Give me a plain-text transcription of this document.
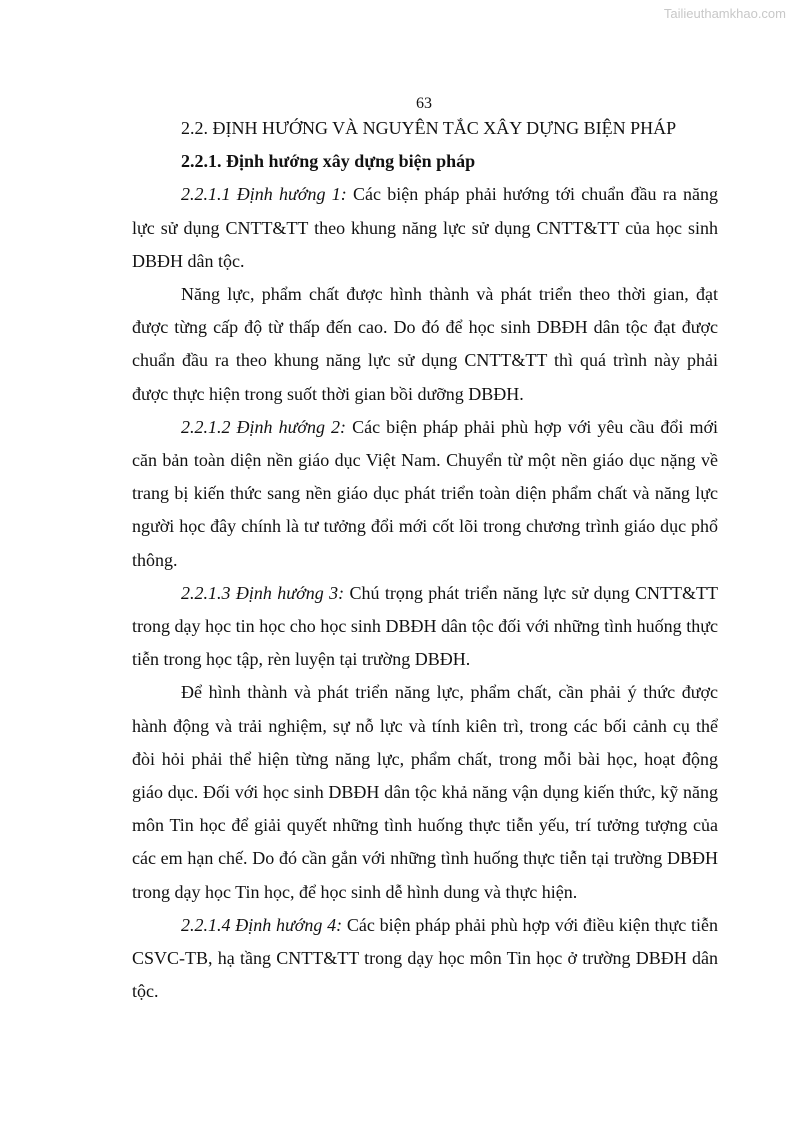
Tailieuthamkhao.com
63

2.2. ĐỊNH HƯỚNG VÀ NGUYÊN TẮC XÂY DỰNG BIỆN PHÁP

2.2.1. Định hướng xây dựng biện pháp

2.2.1.1 Định hướng 1: Các biện pháp phải hướng tới chuẩn đầu ra năng lực sử dụng CNTT&TT theo khung năng lực sử dụng CNTT&TT của học sinh DBĐH dân tộc.

Năng lực, phẩm chất được hình thành và phát triển theo thời gian, đạt được từng cấp độ từ thấp đến cao. Do đó để học sinh DBĐH dân tộc đạt được chuẩn đầu ra theo khung năng lực sử dụng CNTT&TT thì quá trình này phải được thực hiện trong suốt thời gian bồi dưỡng DBĐH.

2.2.1.2 Định hướng 2: Các biện pháp phải phù hợp với yêu cầu đổi mới căn bản toàn diện nền giáo dục Việt Nam. Chuyển từ một nền giáo dục nặng về trang bị kiến thức sang nền giáo dục phát triển toàn diện phẩm chất và năng lực người học đây chính là tư tưởng đổi mới cốt lõi trong chương trình giáo dục phổ thông.

2.2.1.3 Định hướng 3: Chú trọng phát triển năng lực sử dụng CNTT&TT trong dạy học tin học cho học sinh DBĐH dân tộc đối với những tình huống thực tiễn trong học tập, rèn luyện tại trường DBĐH.

Để hình thành và phát triển năng lực, phẩm chất, cần phải ý thức được hành động và trải nghiệm, sự nỗ lực và tính kiên trì, trong các bối cảnh cụ thể đòi hỏi phải thể hiện từng năng lực, phẩm chất, trong mỗi bài học, hoạt động giáo dục. Đối với học sinh DBĐH dân tộc khả năng vận dụng kiến thức, kỹ năng môn Tin học để giải quyết những tình huống thực tiễn yếu, trí tưởng tượng của các em hạn chế. Do đó cần gắn với những tình huống thực tiễn tại trường DBĐH trong dạy học Tin học, để học sinh dễ hình dung và thực hiện.

2.2.1.4 Định hướng 4: Các biện pháp phải phù hợp với điều kiện thực tiễn CSVC-TB, hạ tầng CNTT&TT trong dạy học môn Tin học ở trường DBĐH dân tộc.
